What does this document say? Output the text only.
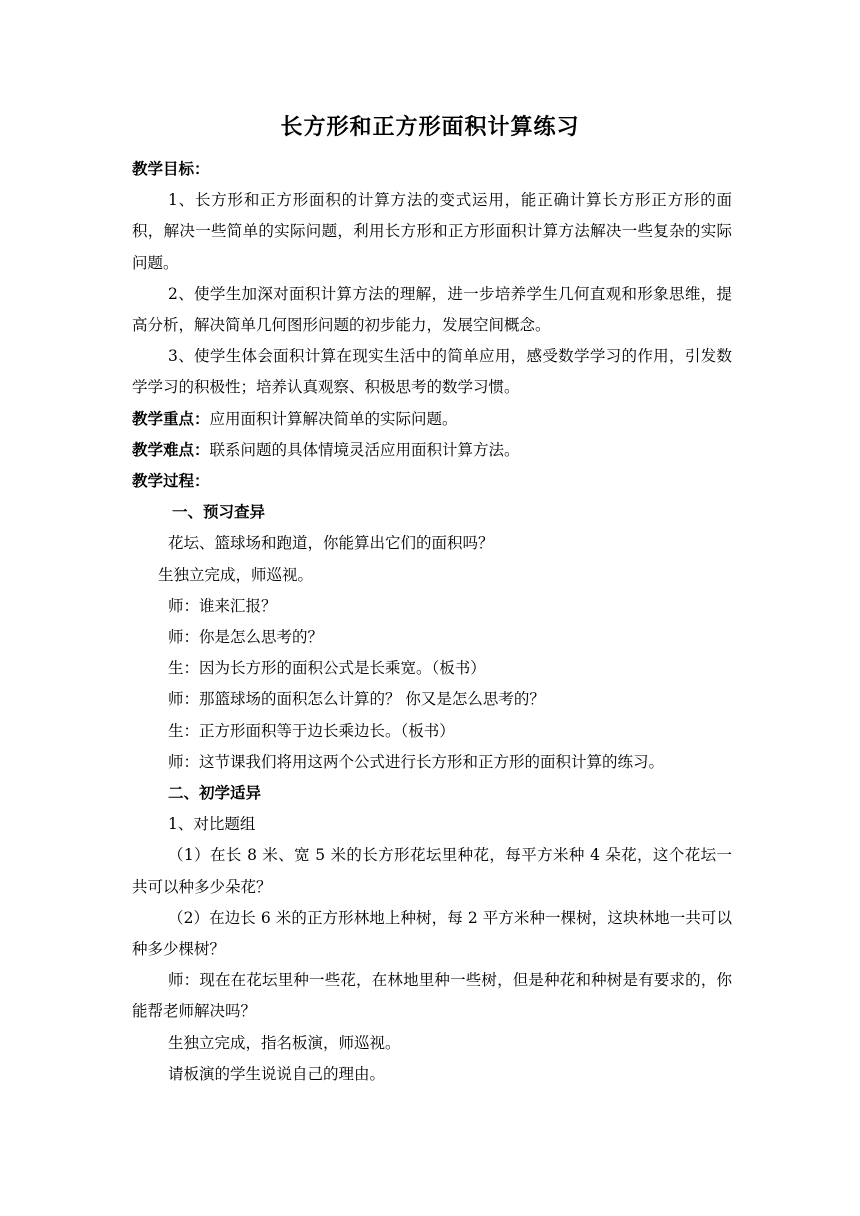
长方形和正方形面积计算练习

教学目标：

1、长方形和正方形面积的计算方法的变式运用，能正确计算长方形正方形的面积，解决一些简单的实际问题，利用长方形和正方形面积计算方法解决一些复杂的实际问题。

2、使学生加深对面积计算方法的理解，进一步培养学生几何直观和形象思维，提高分析，解决简单几何图形问题的初步能力，发展空间概念。

3、使学生体会面积计算在现实生活中的简单应用，感受数学学习的作用，引发数学学习的积极性；培养认真观察、积极思考的数学习惯。

教学重点：应用面积计算解决简单的实际问题。

教学难点：联系问题的具体情境灵活应用面积计算方法。

教学过程：

一、预习查异

花坛、篮球场和跑道，你能算出它们的面积吗？

生独立完成，师巡视。

师：谁来汇报？

师：你是怎么思考的？

生：因为长方形的面积公式是长乘宽。（板书）

师：那篮球场的面积怎么计算的？ 你又是怎么思考的？

生：正方形面积等于边长乘边长。（板书）

师：这节课我们将用这两个公式进行长方形和正方形的面积计算的练习。

二、初学适异

1、对比题组

（1）在长 8 米、宽 5 米的长方形花坛里种花，每平方米种 4 朵花，这个花坛一共可以种多少朵花？

（2）在边长 6 米的正方形林地上种树，每 2 平方米种一棵树，这块林地一共可以种多少棵树？

师：现在在花坛里种一些花，在林地里种一些树，但是种花和种树是有要求的，你能帮老师解决吗？

生独立完成，指名板演，师巡视。

请板演的学生说说自己的理由。
